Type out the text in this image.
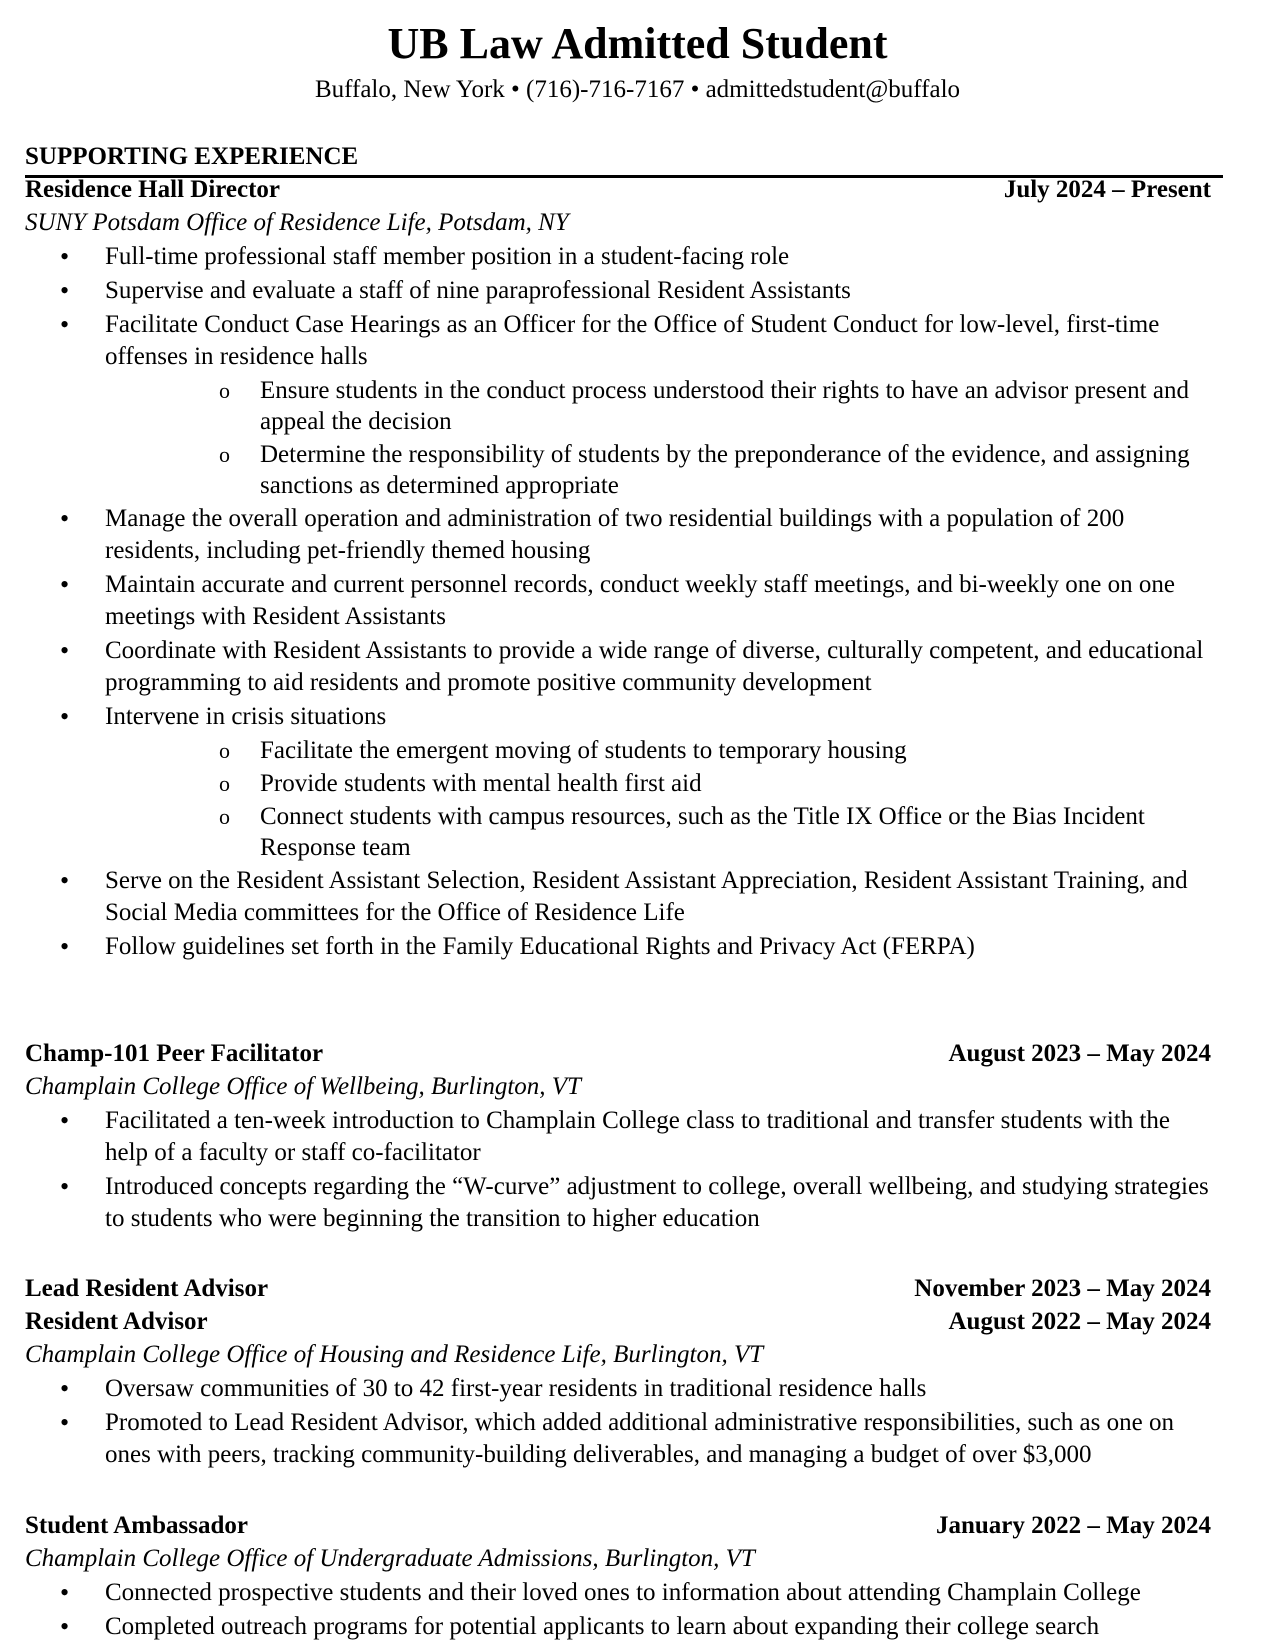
UB Law Admitted Student
Buffalo, New York • (716)-716-7167 • admittedstudent@buffalo
SUPPORTING EXPERIENCE
Residence Hall Director	July 2024 – Present
SUNY Potsdam Office of Residence Life, Potsdam, NY
• Full-time professional staff member position in a student-facing role
• Supervise and evaluate a staff of nine paraprofessional Resident Assistants
• Facilitate Conduct Case Hearings as an Officer for the Office of Student Conduct for low-level, first-time offenses in residence halls
o Ensure students in the conduct process understood their rights to have an advisor present and appeal the decision
o Determine the responsibility of students by the preponderance of the evidence, and assigning sanctions as determined appropriate
• Manage the overall operation and administration of two residential buildings with a population of 200 residents, including pet-friendly themed housing
• Maintain accurate and current personnel records, conduct weekly staff meetings, and bi-weekly one on one meetings with Resident Assistants
• Coordinate with Resident Assistants to provide a wide range of diverse, culturally competent, and educational programming to aid residents and promote positive community development
• Intervene in crisis situations
o Facilitate the emergent moving of students to temporary housing
o Provide students with mental health first aid
o Connect students with campus resources, such as the Title IX Office or the Bias Incident Response team
• Serve on the Resident Assistant Selection, Resident Assistant Appreciation, Resident Assistant Training, and Social Media committees for the Office of Residence Life
• Follow guidelines set forth in the Family Educational Rights and Privacy Act (FERPA)
Champ-101 Peer Facilitator	August 2023 – May 2024
Champlain College Office of Wellbeing, Burlington, VT
• Facilitated a ten-week introduction to Champlain College class to traditional and transfer students with the help of a faculty or staff co-facilitator
• Introduced concepts regarding the “W-curve” adjustment to college, overall wellbeing, and studying strategies to students who were beginning the transition to higher education
Lead Resident Advisor	November 2023 – May 2024
Resident Advisor	August 2022 – May 2024
Champlain College Office of Housing and Residence Life, Burlington, VT
• Oversaw communities of 30 to 42 first-year residents in traditional residence halls
• Promoted to Lead Resident Advisor, which added additional administrative responsibilities, such as one on ones with peers, tracking community-building deliverables, and managing a budget of over $3,000
Student Ambassador	January 2022 – May 2024
Champlain College Office of Undergraduate Admissions, Burlington, VT
• Connected prospective students and their loved ones to information about attending Champlain College
• Completed outreach programs for potential applicants to learn about expanding their college search
